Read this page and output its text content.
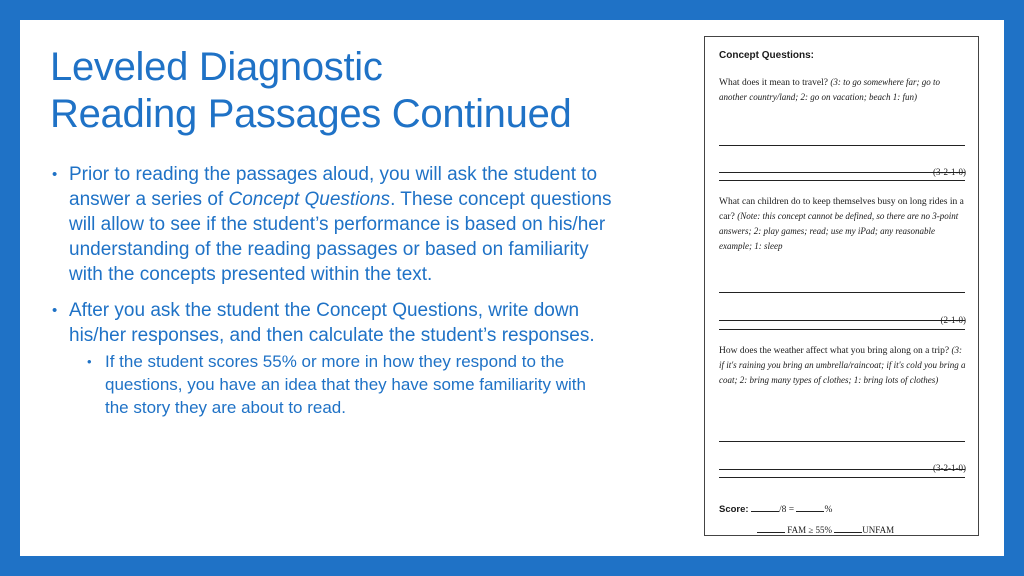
Leveled Diagnostic
Reading Passages Continued
• Prior to reading the passages aloud, you will ask the student to answer a series of Concept Questions. These concept questions will allow to see if the student’s performance is based on his/her understanding of the reading passages or based on familiarity with the concepts presented within the text.
• After you ask the student the Concept Questions, write down his/her responses, and then calculate the student’s responses.
• If the student scores 55% or more in how they respond to the questions, you have an idea that they have some familiarity with the story they are about to read.
Concept Questions:
What does it mean to travel? (3: to go somewhere far; go to another country/land; 2: go on vacation; beach 1: fun)
(3-2-1-0)
What can children do to keep themselves busy on long rides in a car? (Note: this concept cannot be defined, so there are no 3-point answers; 2: play games; read; use my iPad; any reasonable example; 1: sleep
(2-1-0)
How does the weather affect what you bring along on a trip? (3: if it's raining you bring an umbrella/raincoat; if it's cold you bring a coat; 2: bring many types of clothes; 1: bring lots of clothes)
(3-2-1-0)
Score:	/8 =	%
FAM ≥ 55%	UNFAM
